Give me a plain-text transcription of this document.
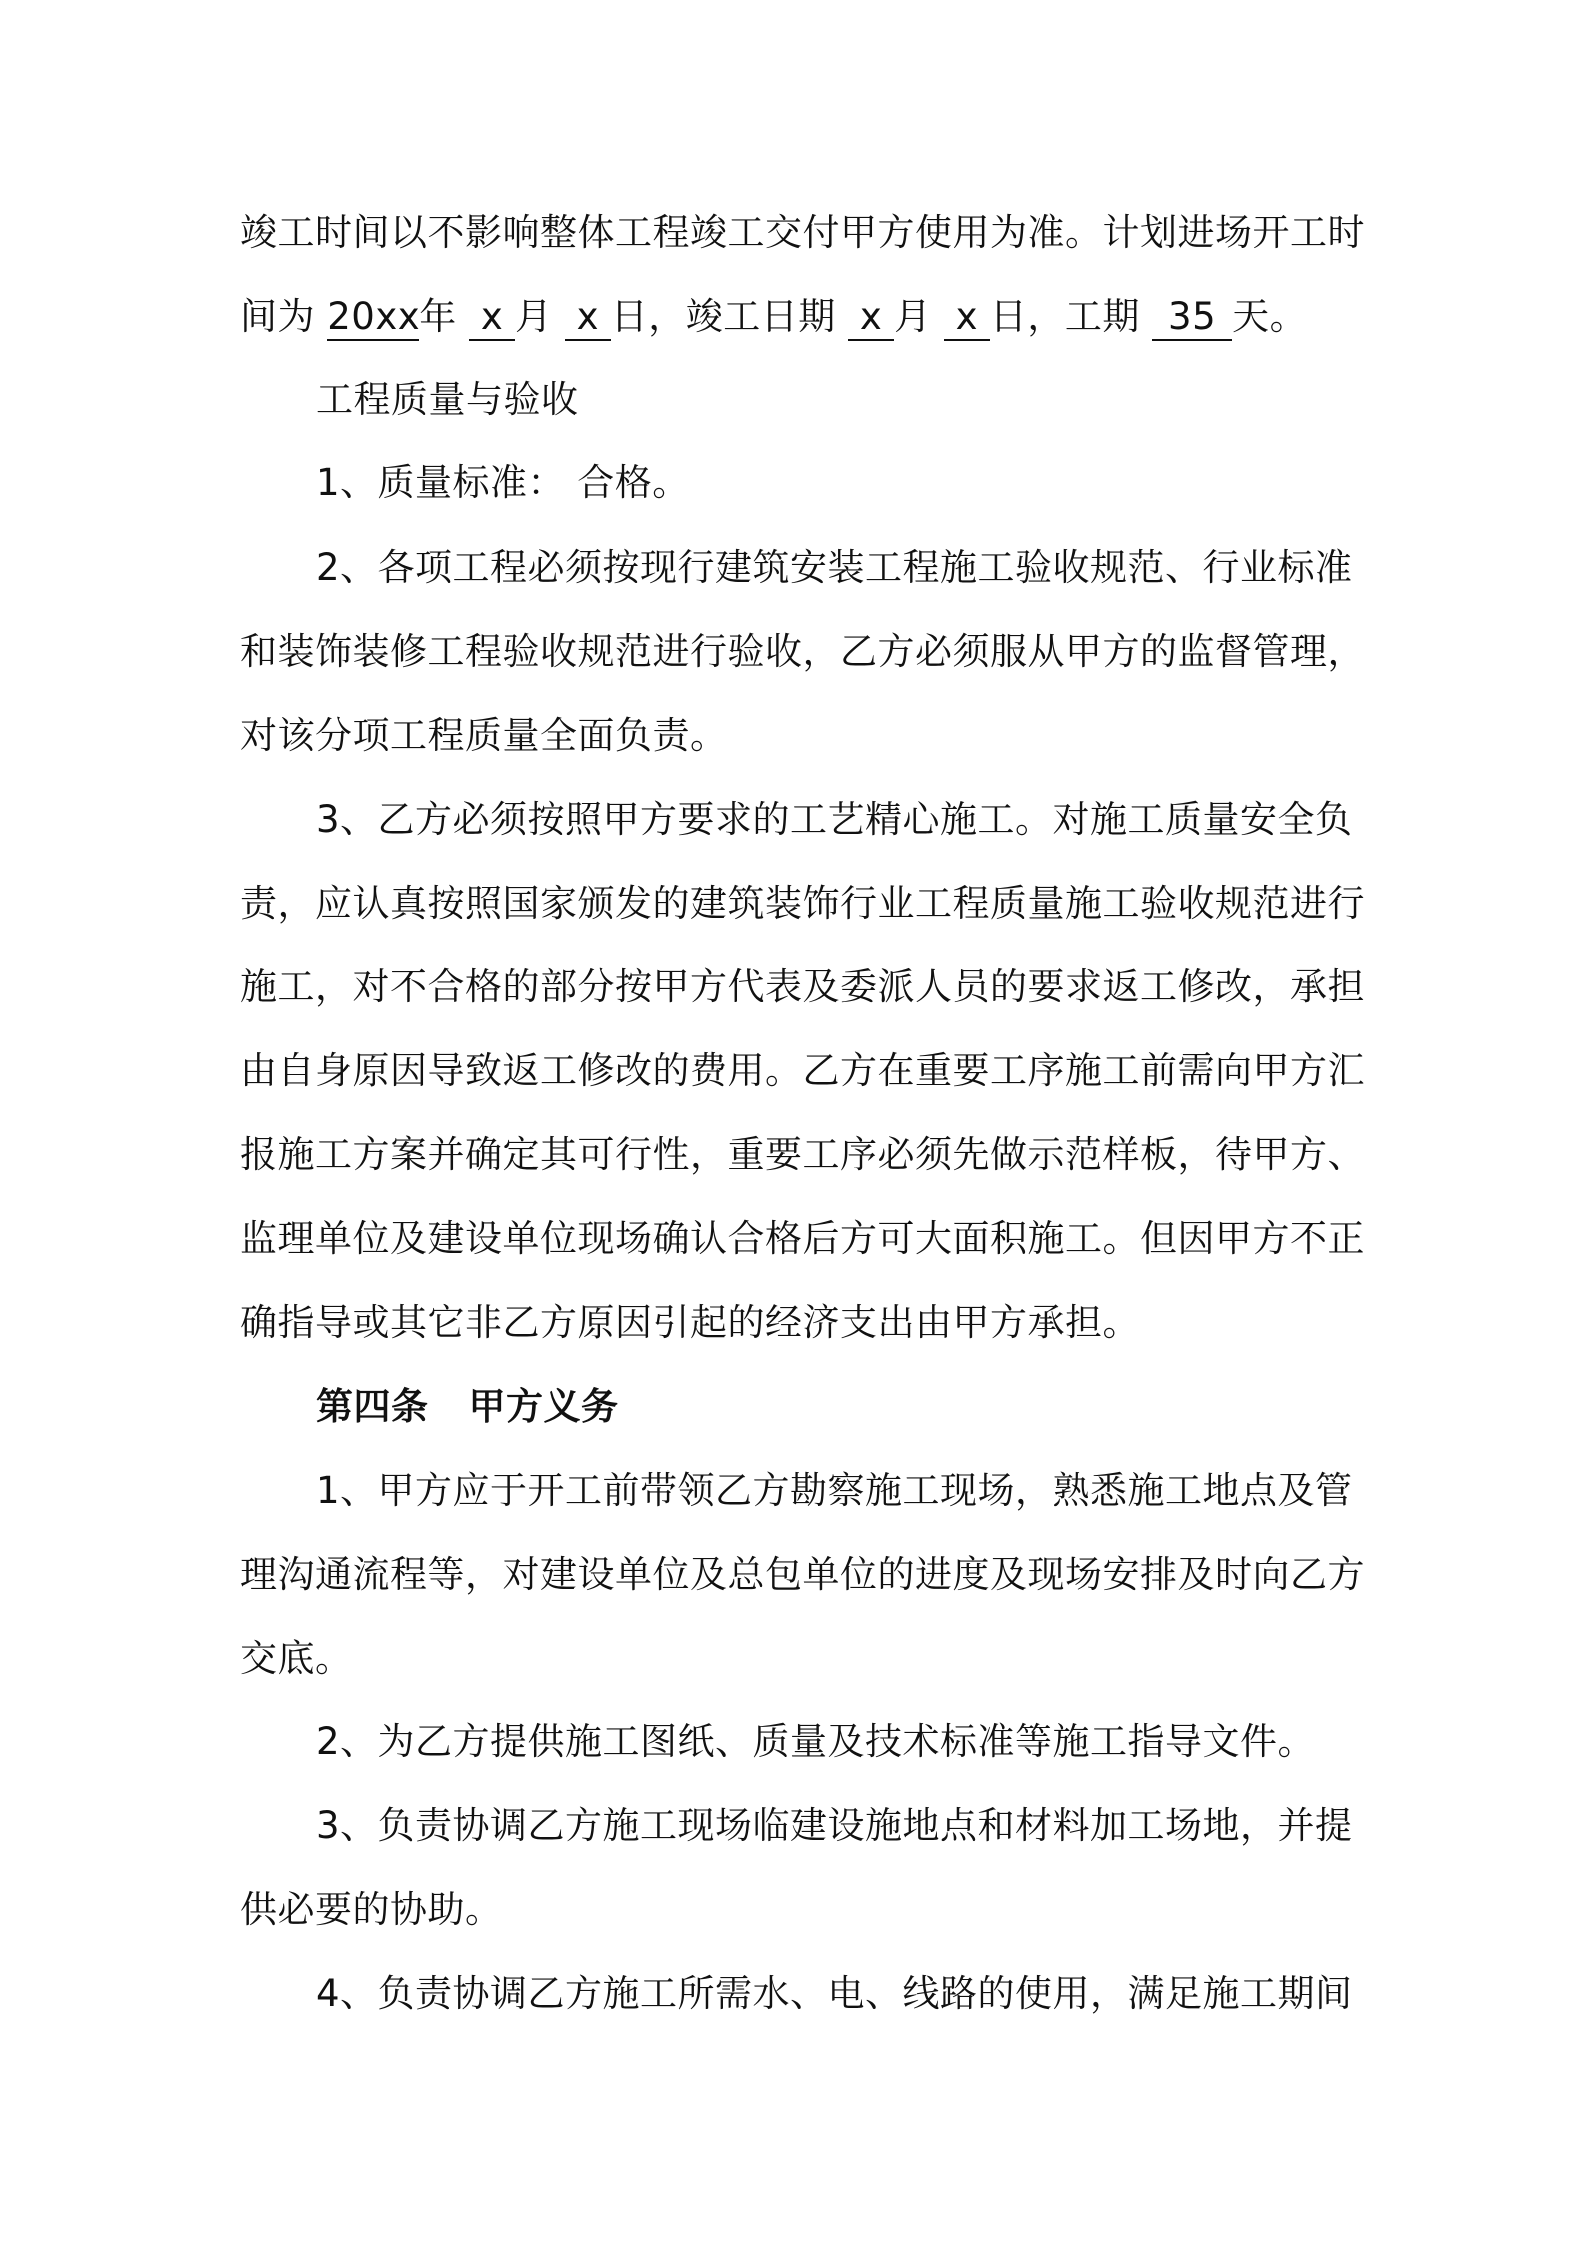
竣工时间以不影响整体工程竣工交付甲方使用为准。计划进场开工时
间为 20xx年 x 月 x 日，竣工日期 x 月 x 日，工期 35 天。
工程质量与验收
1、质量标准： 合格。
2、各项工程必须按现行建筑安装工程施工验收规范、行业标准
和装饰装修工程验收规范进行验收，乙方必须服从甲方的监督管理，
对该分项工程质量全面负责。
3、乙方必须按照甲方要求的工艺精心施工。对施工质量安全负
责，应认真按照国家颁发的建筑装饰行业工程质量施工验收规范进行
施工，对不合格的部分按甲方代表及委派人员的要求返工修改，承担
由自身原因导致返工修改的费用。乙方在重要工序施工前需向甲方汇
报施工方案并确定其可行性，重要工序必须先做示范样板，待甲方、
监理单位及建设单位现场确认合格后方可大面积施工。但因甲方不正
确指导或其它非乙方原因引起的经济支出由甲方承担。
第四条 甲方义务
1、甲方应于开工前带领乙方勘察施工现场，熟悉施工地点及管
理沟通流程等，对建设单位及总包单位的进度及现场安排及时向乙方
交底。
2、为乙方提供施工图纸、质量及技术标准等施工指导文件。
3、负责协调乙方施工现场临建设施地点和材料加工场地，并提
供必要的协助。
4、负责协调乙方施工所需水、电、线路的使用，满足施工期间
